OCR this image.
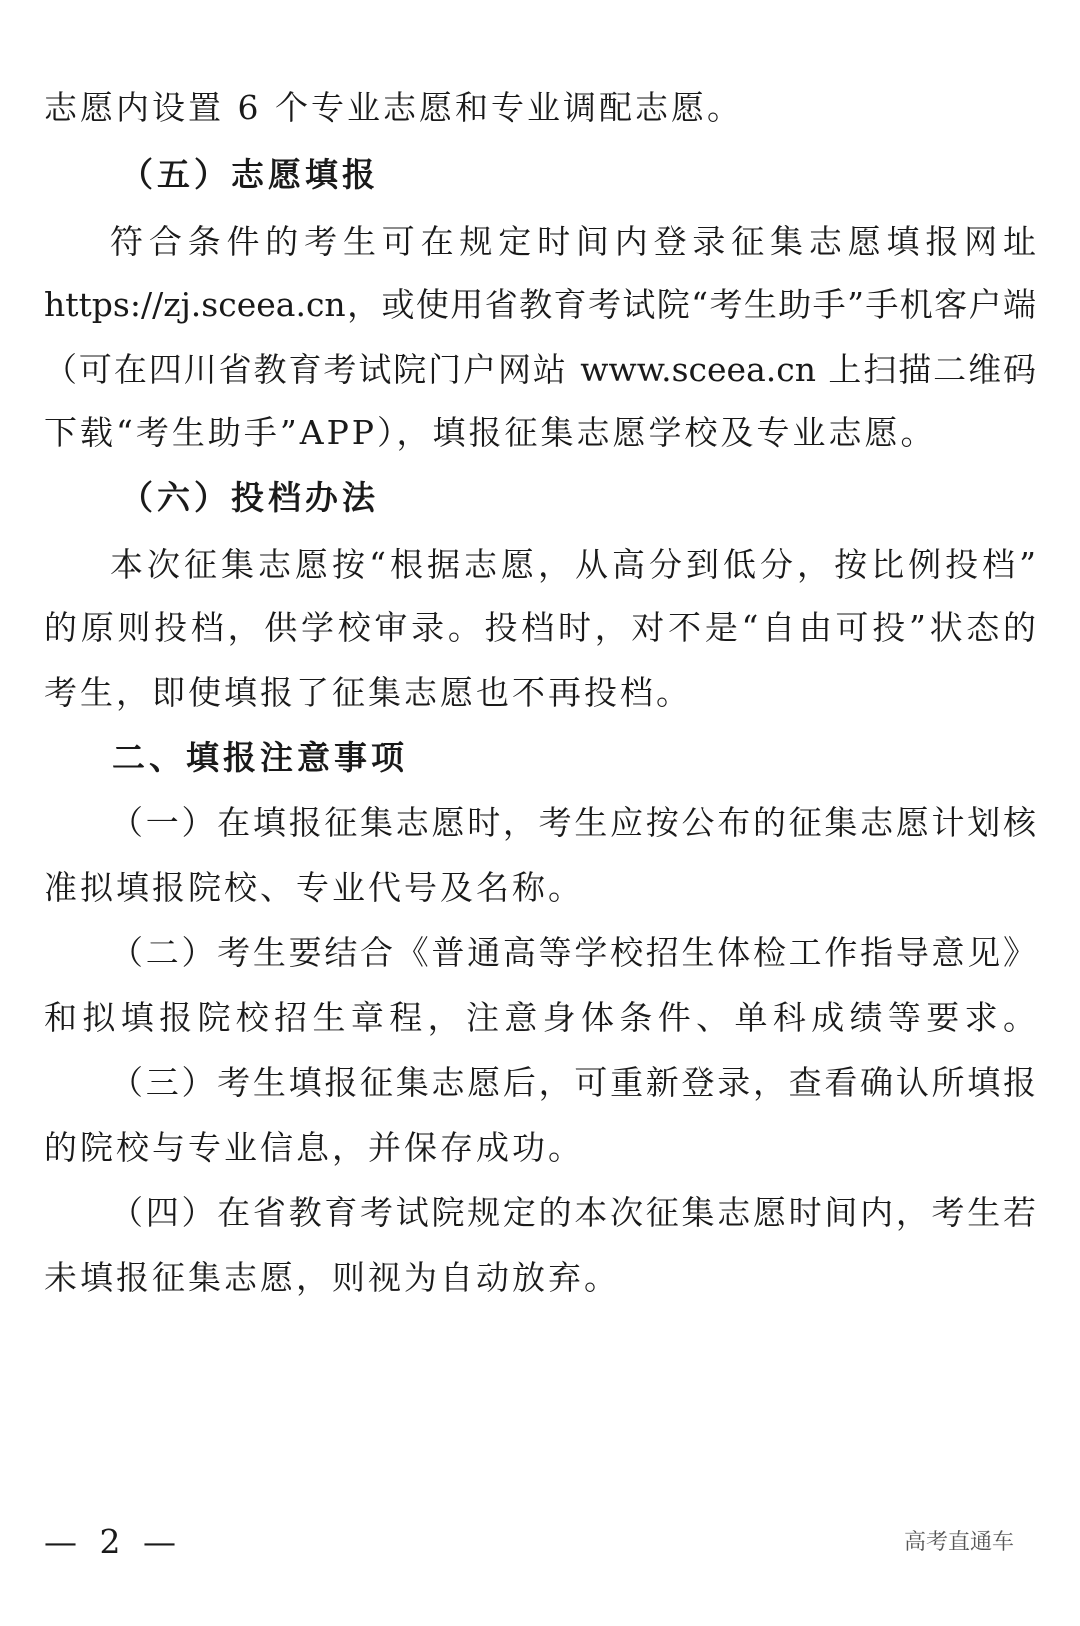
志愿内设置 6 个专业志愿和专业调配志愿。
（五）志愿填报
符合条件的考生可在规定时间内登录征集志愿填报网址
https://zj.sceea.cn，或使用省教育考试院“考生助手”手机客户端
（可在四川省教育考试院门户网站 www.sceea.cn 上扫描二维码
下载“考生助手”APP），填报征集志愿学校及专业志愿。
（六）投档办法
本次征集志愿按“根据志愿，从高分到低分，按比例投档”
的原则投档，供学校审录。投档时，对不是“自由可投”状态的
考生，即使填报了征集志愿也不再投档。
二、填报注意事项
（一）在填报征集志愿时，考生应按公布的征集志愿计划核
准拟填报院校、专业代号及名称。
（二）考生要结合《普通高等学校招生体检工作指导意见》
和拟填报院校招生章程，注意身体条件、单科成绩等要求。
（三）考生填报征集志愿后，可重新登录，查看确认所填报
的院校与专业信息，并保存成功。
（四）在省教育考试院规定的本次征集志愿时间内，考生若
未填报征集志愿，则视为自动放弃。
— 2 —	高考直通车
